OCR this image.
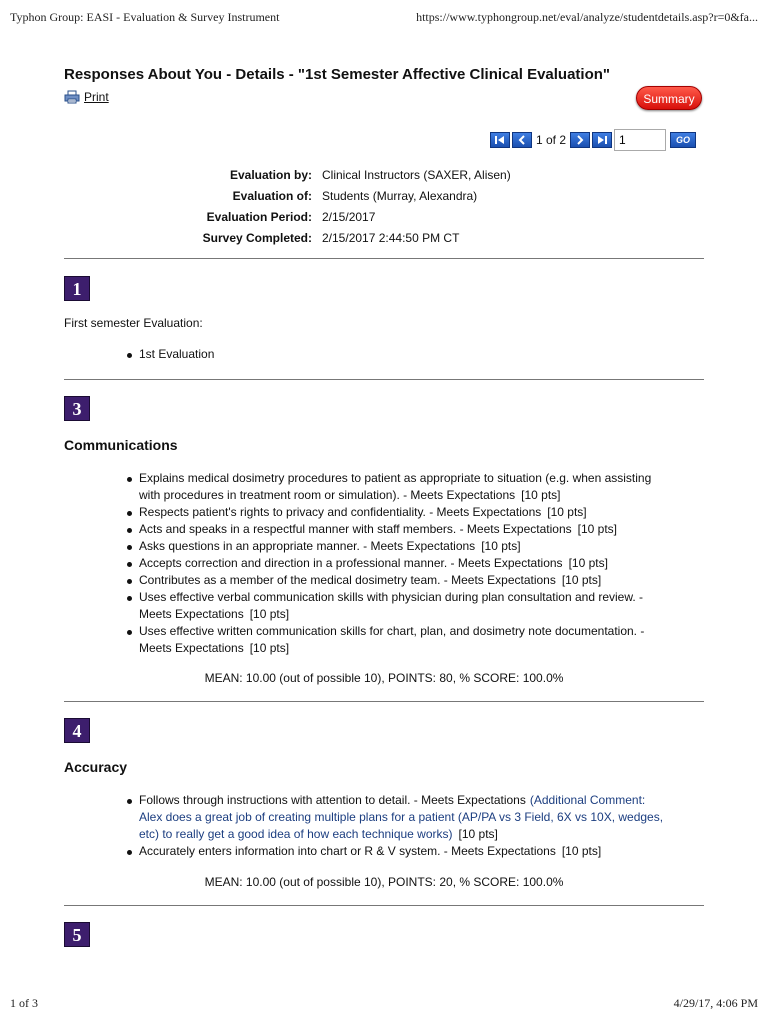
Typhon Group: EASI - Evaluation & Survey Instrument	https://www.typhongroup.net/eval/analyze/studentdetails.asp?r=0&fa...
Responses About You - Details - "1st Semester Affective Clinical Evaluation"
Print	Summary
1 of 2
1	GO
Evaluation by: Clinical Instructors (SAXER, Alisen)
Evaluation of: Students (Murray, Alexandra)
Evaluation Period: 2/15/2017
Survey Completed: 2/15/2017 2:44:50 PM CT
1
First semester Evaluation:
1st Evaluation
3
Communications
Explains medical dosimetry procedures to patient as appropriate to situation (e.g. when assisting with procedures in treatment room or simulation). - Meets Expectations [10 pts]
Respects patient's rights to privacy and confidentiality. - Meets Expectations [10 pts]
Acts and speaks in a respectful manner with staff members. - Meets Expectations [10 pts]
Asks questions in an appropriate manner. - Meets Expectations [10 pts]
Accepts correction and direction in a professional manner. - Meets Expectations [10 pts]
Contributes as a member of the medical dosimetry team. - Meets Expectations [10 pts]
Uses effective verbal communication skills with physician during plan consultation and review. - Meets Expectations [10 pts]
Uses effective written communication skills for chart, plan, and dosimetry note documentation. - Meets Expectations [10 pts]
MEAN: 10.00 (out of possible 10), POINTS: 80, % SCORE: 100.0%
4
Accuracy
Follows through instructions with attention to detail. - Meets Expectations (Additional Comment: Alex does a great job of creating multiple plans for a patient (AP/PA vs 3 Field, 6X vs 10X, wedges, etc) to really get a good idea of how each technique works) [10 pts]
Accurately enters information into chart or R & V system. - Meets Expectations [10 pts]
MEAN: 10.00 (out of possible 10), POINTS: 20, % SCORE: 100.0%
5
1 of 3	4/29/17, 4:06 PM
